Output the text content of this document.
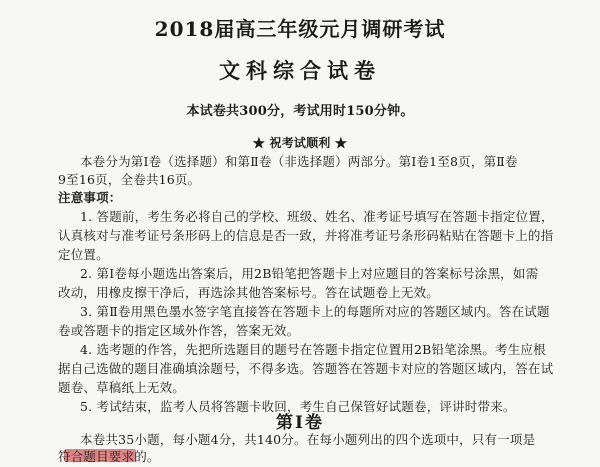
2018届高三年级元月调研考试
文科综合试卷
本试卷共300分，考试用时150分钟。
★ 祝考试顺利 ★
本卷分为第Ⅰ卷（选择题）和第Ⅱ卷（非选择题）两部分。第Ⅰ卷1至8页，第Ⅱ卷
9至16页，全卷共16页。
注意事项：
1. 答题前，考生务必将自己的学校、班级、姓名、准考证号填写在答题卡指定位置，
认真核对与准考证号条形码上的信息是否一致，并将准考证号条形码粘贴在答题卡上的指
定位置。
2. 第Ⅰ卷每小题选出答案后，用2B铅笔把答题卡上对应题目的答案标号涂黑，如需
改动，用橡皮擦干净后，再选涂其他答案标号。答在试题卷上无效。
3. 第Ⅱ卷用黑色墨水签字笔直接答在答题卡上的每题所对应的答题区域内。答在试题
卷或答题卡的指定区域外作答，答案无效。
4. 选考题的作答，先把所选题目的题号在答题卡指定位置用2B铅笔涂黑。考生应根
据自己选做的题目准确填涂题号，不得多选。答题答在答题卡对应的答题区域内，答在试
题卷、草稿纸上无效。
5. 考试结束，监考人员将答题卡收回，考生自己保管好试题卷，评讲时带来。
第Ⅰ卷
本卷共35小题，每小题4分，共140分。在每小题列出的四个选项中，只有一项是
符合题目要求的。
